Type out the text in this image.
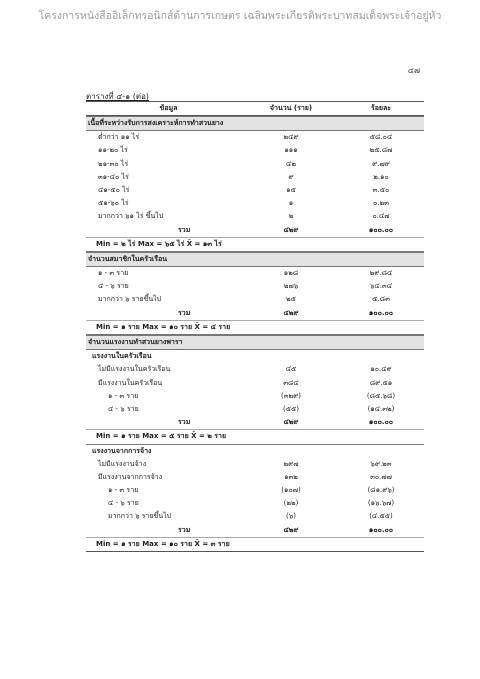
โครงการหนังสืออิเล็กทรอนิกส์ด้านการเกษตร เฉลิมพระเกียรติพระบาทสมเด็จพระเจ้าอยู่หัว
๔๗
ตารางที่ ๔-๑ (ต่อ)
ข้อมูล	จำนวน (ราย)	ร้อยละ
เนื้อที่ระหว่างรับการสงเคราะห์การทำสวนยาง
ต่ำกว่า ๑๑ ไร่	๒๔๙	๕๘.๐๔
๑๑-๒๐ ไร่	๑๑๑	๒๕.๘๗
๒๑-๓๐ ไร่	๔๒	๙.๗๙
๓๑-๔๐ ไร่	๙	๒.๑๐
๔๑-๕๐ ไร่	๑๕	๓.๕๐
๕๑-๖๐ ไร่	๑	๐.๒๓
มากกว่า ๖๑ ไร่ ขึ้นไป	๒	๐.๔๗
รวม	๔๒๙	๑๐๐.๐๐
Min = ๒ ไร่ Max = ๖๕ ไร่ X̄ = ๑๓ ไร่
จำนวนสมาชิกในครัวเรือน
๑ - ๓ ราย	๑๒๘	๒๙.๘๔
๔ - ๖ ราย	๒๗๖	๖๔.๓๔
มากกว่า ๖ รายขึ้นไป	๒๕	๕.๘๓
รวม	๔๒๙	๑๐๐.๐๐
Min = ๑ ราย Max = ๑๐ ราย X̄ = ๔ ราย
จำนวนแรงงานทำสวนยางพารา
แรงงานในครัวเรือน
ไม่มีแรงงานในครัวเรือน	๔๕	๑๐.๔๙
มีแรงงานในครัวเรือน	๓๘๔	๘๙.๕๑
๑ - ๓ ราย	(๓๒๙)	(๘๕.๖๘)
๔ - ๖ ราย	(๕๕)	(๑๔.๓๒)
รวม	๔๒๙	๑๐๐.๐๐
Min = ๑ ราย Max = ๕ ราย X̄ = ๒ ราย
แรงงานจากการจ้าง
ไม่มีแรงงานจ้าง	๒๙๗	๖๙.๒๓
มีแรงงานจากการจ้าง	๑๓๒	๓๐.๗๗
๑ - ๓ ราย	(๑๐๗)	(๘๑.๙๖)
๔ - ๖ ราย	(๒๒)	(๑๖.๖๗)
มากกว่า ๖ รายขึ้นไป	(๖)	(๔.๕๕)
รวม	๔๒๙	๑๐๐.๐๐
Min = ๑ ราย Max = ๑๐ ราย X̄ = ๓ ราย
